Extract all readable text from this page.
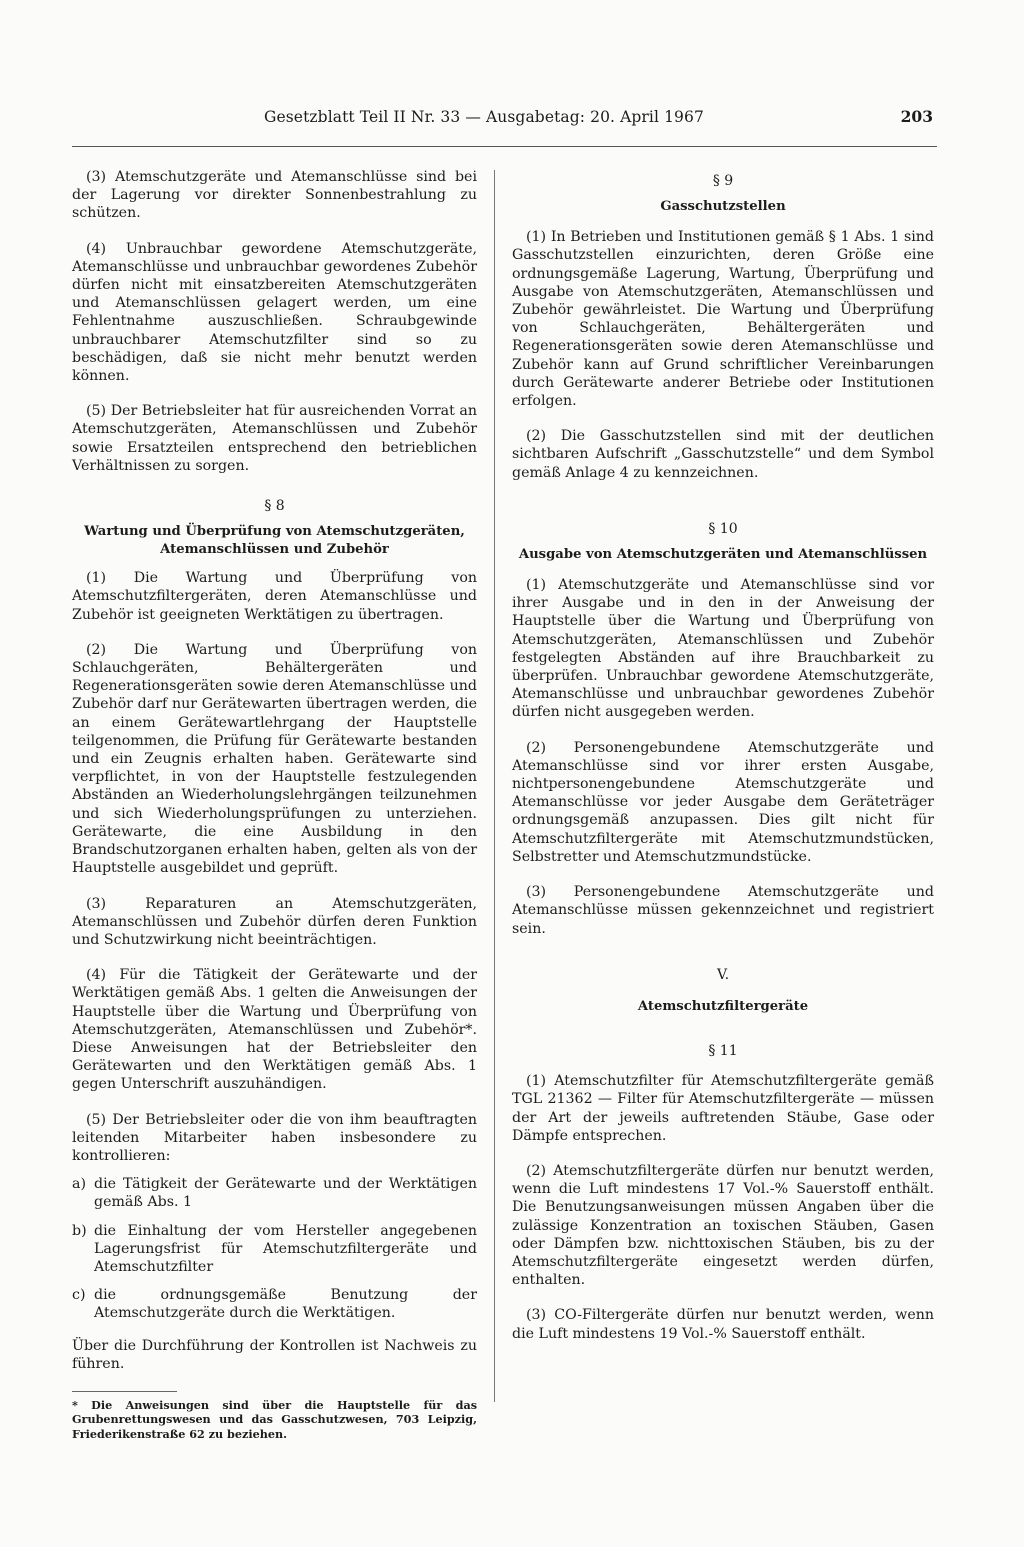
Gesetzblatt Teil II Nr. 33 — Ausgabetag: 20. April 1967	203

(3) Atemschutzgeräte und Atemanschlüsse sind bei der Lagerung vor direkter Sonnenbestrahlung zu schützen.

(4) Unbrauchbar gewordene Atemschutzgeräte, Atemanschlüsse und unbrauchbar gewordenes Zubehör dürfen nicht mit einsatzbereiten Atemschutzgeräten und Atemanschlüssen gelagert werden, um eine Fehlentnahme auszuschließen. Schraubgewinde unbrauchbarer Atemschutzfilter sind so zu beschädigen, daß sie nicht mehr benutzt werden können.

(5) Der Betriebsleiter hat für ausreichenden Vorrat an Atemschutzgeräten, Atemanschlüssen und Zubehör sowie Ersatzteilen entsprechend den betrieblichen Verhältnissen zu sorgen.

§ 8
Wartung und Überprüfung von Atemschutzgeräten, Atemanschlüssen und Zubehör

(1) Die Wartung und Überprüfung von Atemschutzfiltergeräten, deren Atemanschlüsse und Zubehör ist geeigneten Werktätigen zu übertragen.

(2) Die Wartung und Überprüfung von Schlauchgeräten, Behältergeräten und Regenerationsgeräten sowie deren Atemanschlüsse und Zubehör darf nur Gerätewarten übertragen werden, die an einem Gerätewartlehrgang der Hauptstelle teilgenommen, die Prüfung für Gerätewarte bestanden und ein Zeugnis erhalten haben. Gerätewarte sind verpflichtet, in von der Hauptstelle festzulegenden Abständen an Wiederholungslehrgängen teilzunehmen und sich Wiederholungsprüfungen zu unterziehen. Gerätewarte, die eine Ausbildung in den Brandschutzorganen erhalten haben, gelten als von der Hauptstelle ausgebildet und geprüft.

(3) Reparaturen an Atemschutzgeräten, Atemanschlüssen und Zubehör dürfen deren Funktion und Schutzwirkung nicht beeinträchtigen.

(4) Für die Tätigkeit der Gerätewarte und der Werktätigen gemäß Abs. 1 gelten die Anweisungen der Hauptstelle über die Wartung und Überprüfung von Atemschutzgeräten, Atemanschlüssen und Zubehör*. Diese Anweisungen hat der Betriebsleiter den Gerätewarten und den Werktätigen gemäß Abs. 1 gegen Unterschrift auszuhändigen.

(5) Der Betriebsleiter oder die von ihm beauftragten leitenden Mitarbeiter haben insbesondere zu kontrollieren:

a) die Tätigkeit der Gerätewarte und der Werktätigen gemäß Abs. 1
b) die Einhaltung der vom Hersteller angegebenen Lagerungsfrist für Atemschutzfiltergeräte und Atemschutzfilter
c) die ordnungsgemäße Benutzung der Atemschutzgeräte durch die Werktätigen.

Über die Durchführung der Kontrollen ist Nachweis zu führen.

* Die Anweisungen sind über die Hauptstelle für das Grubenrettungswesen und das Gasschutzwesen, 703 Leipzig, Friederikenstraße 62 zu beziehen.

§ 9
Gasschutzstellen

(1) In Betrieben und Institutionen gemäß § 1 Abs. 1 sind Gasschutzstellen einzurichten, deren Größe eine ordnungsgemäße Lagerung, Wartung, Überprüfung und Ausgabe von Atemschutzgeräten, Atemanschlüssen und Zubehör gewährleistet. Die Wartung und Überprüfung von Schlauchgeräten, Behältergeräten und Regenerationsgeräten sowie deren Atemanschlüsse und Zubehör kann auf Grund schriftlicher Vereinbarungen durch Gerätewarte anderer Betriebe oder Institutionen erfolgen.

(2) Die Gasschutzstellen sind mit der deutlichen sichtbaren Aufschrift „Gasschutzstelle“ und dem Symbol gemäß Anlage 4 zu kennzeichnen.

§ 10
Ausgabe von Atemschutzgeräten und Atemanschlüssen

(1) Atemschutzgeräte und Atemanschlüsse sind vor ihrer Ausgabe und in den in der Anweisung der Hauptstelle über die Wartung und Überprüfung von Atemschutzgeräten, Atemanschlüssen und Zubehör festgelegten Abständen auf ihre Brauchbarkeit zu überprüfen. Unbrauchbar gewordene Atemschutzgeräte, Atemanschlüsse und unbrauchbar gewordenes Zubehör dürfen nicht ausgegeben werden.

(2) Personengebundene Atemschutzgeräte und Atemanschlüsse sind vor ihrer ersten Ausgabe, nichtpersonengebundene Atemschutzgeräte und Atemanschlüsse vor jeder Ausgabe dem Geräteträger ordnungsgemäß anzupassen. Dies gilt nicht für Atemschutzfiltergeräte mit Atemschutzmundstücken, Selbstretter und Atemschutzmundstücke.

(3) Personengebundene Atemschutzgeräte und Atemanschlüsse müssen gekennzeichnet und registriert sein.

V.
Atemschutzfiltergeräte
§ 11

(1) Atemschutzfilter für Atemschutzfiltergeräte gemäß TGL 21362 — Filter für Atemschutzfiltergeräte — müssen der Art der jeweils auftretenden Stäube, Gase oder Dämpfe entsprechen.

(2) Atemschutzfiltergeräte dürfen nur benutzt werden, wenn die Luft mindestens 17 Vol.-% Sauerstoff enthält. Die Benutzungsanweisungen müssen Angaben über die zulässige Konzentration an toxischen Stäuben, Gasen oder Dämpfen bzw. nichttoxischen Stäuben, bis zu der Atemschutzfiltergeräte eingesetzt werden dürfen, enthalten.

(3) CO-Filtergeräte dürfen nur benutzt werden, wenn die Luft mindestens 19 Vol.-% Sauerstoff enthält.
